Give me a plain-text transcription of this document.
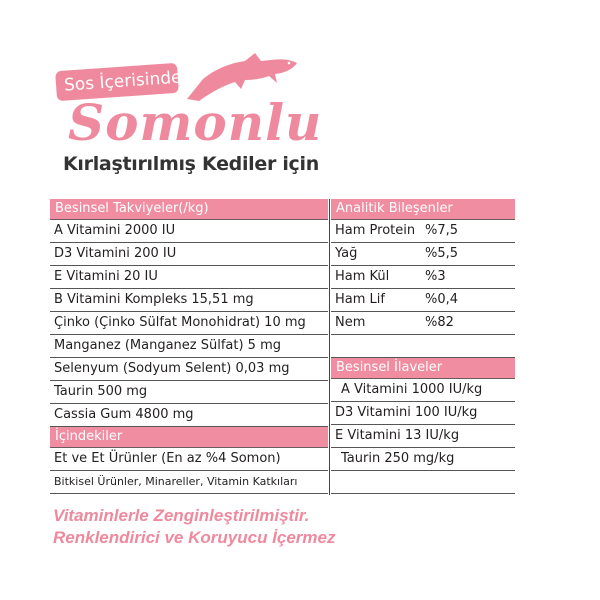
Sos İçerisinde
Somonlu
Kırlaştırılmış Kediler için
Besinsel Takviyeler(/kg)
A Vitamini 2000 IU
D3 Vitamini 200 IU
E Vitamini 20 IU
B Vitamini Kompleks 15,51 mg
Çinko (Çinko Sülfat Monohidrat) 10 mg
Manganez (Manganez Sülfat) 5 mg
Selenyum (Sodyum Selent) 0,03 mg
Taurin 500 mg
Cassia Gum 4800 mg
İçindekiler
Et ve Et Ürünler (En az %4 Somon)
Bitkisel Ürünler, Minareller, Vitamin Katkıları
Analitik Bileşenler
Ham Protein %7,5
Yağ	%5,5
Ham Kül	%3
Ham Lif	%0,4
Nem	%82
Besinsel İlaveler
A Vitamini 1000 IU/kg
D3 Vitamini 100 IU/kg
E Vitamini 13 IU/kg
Taurin 250 mg/kg
Vitaminlerle Zenginleştirilmiştir.
Renklendirici ve Koruyucu İçermez
